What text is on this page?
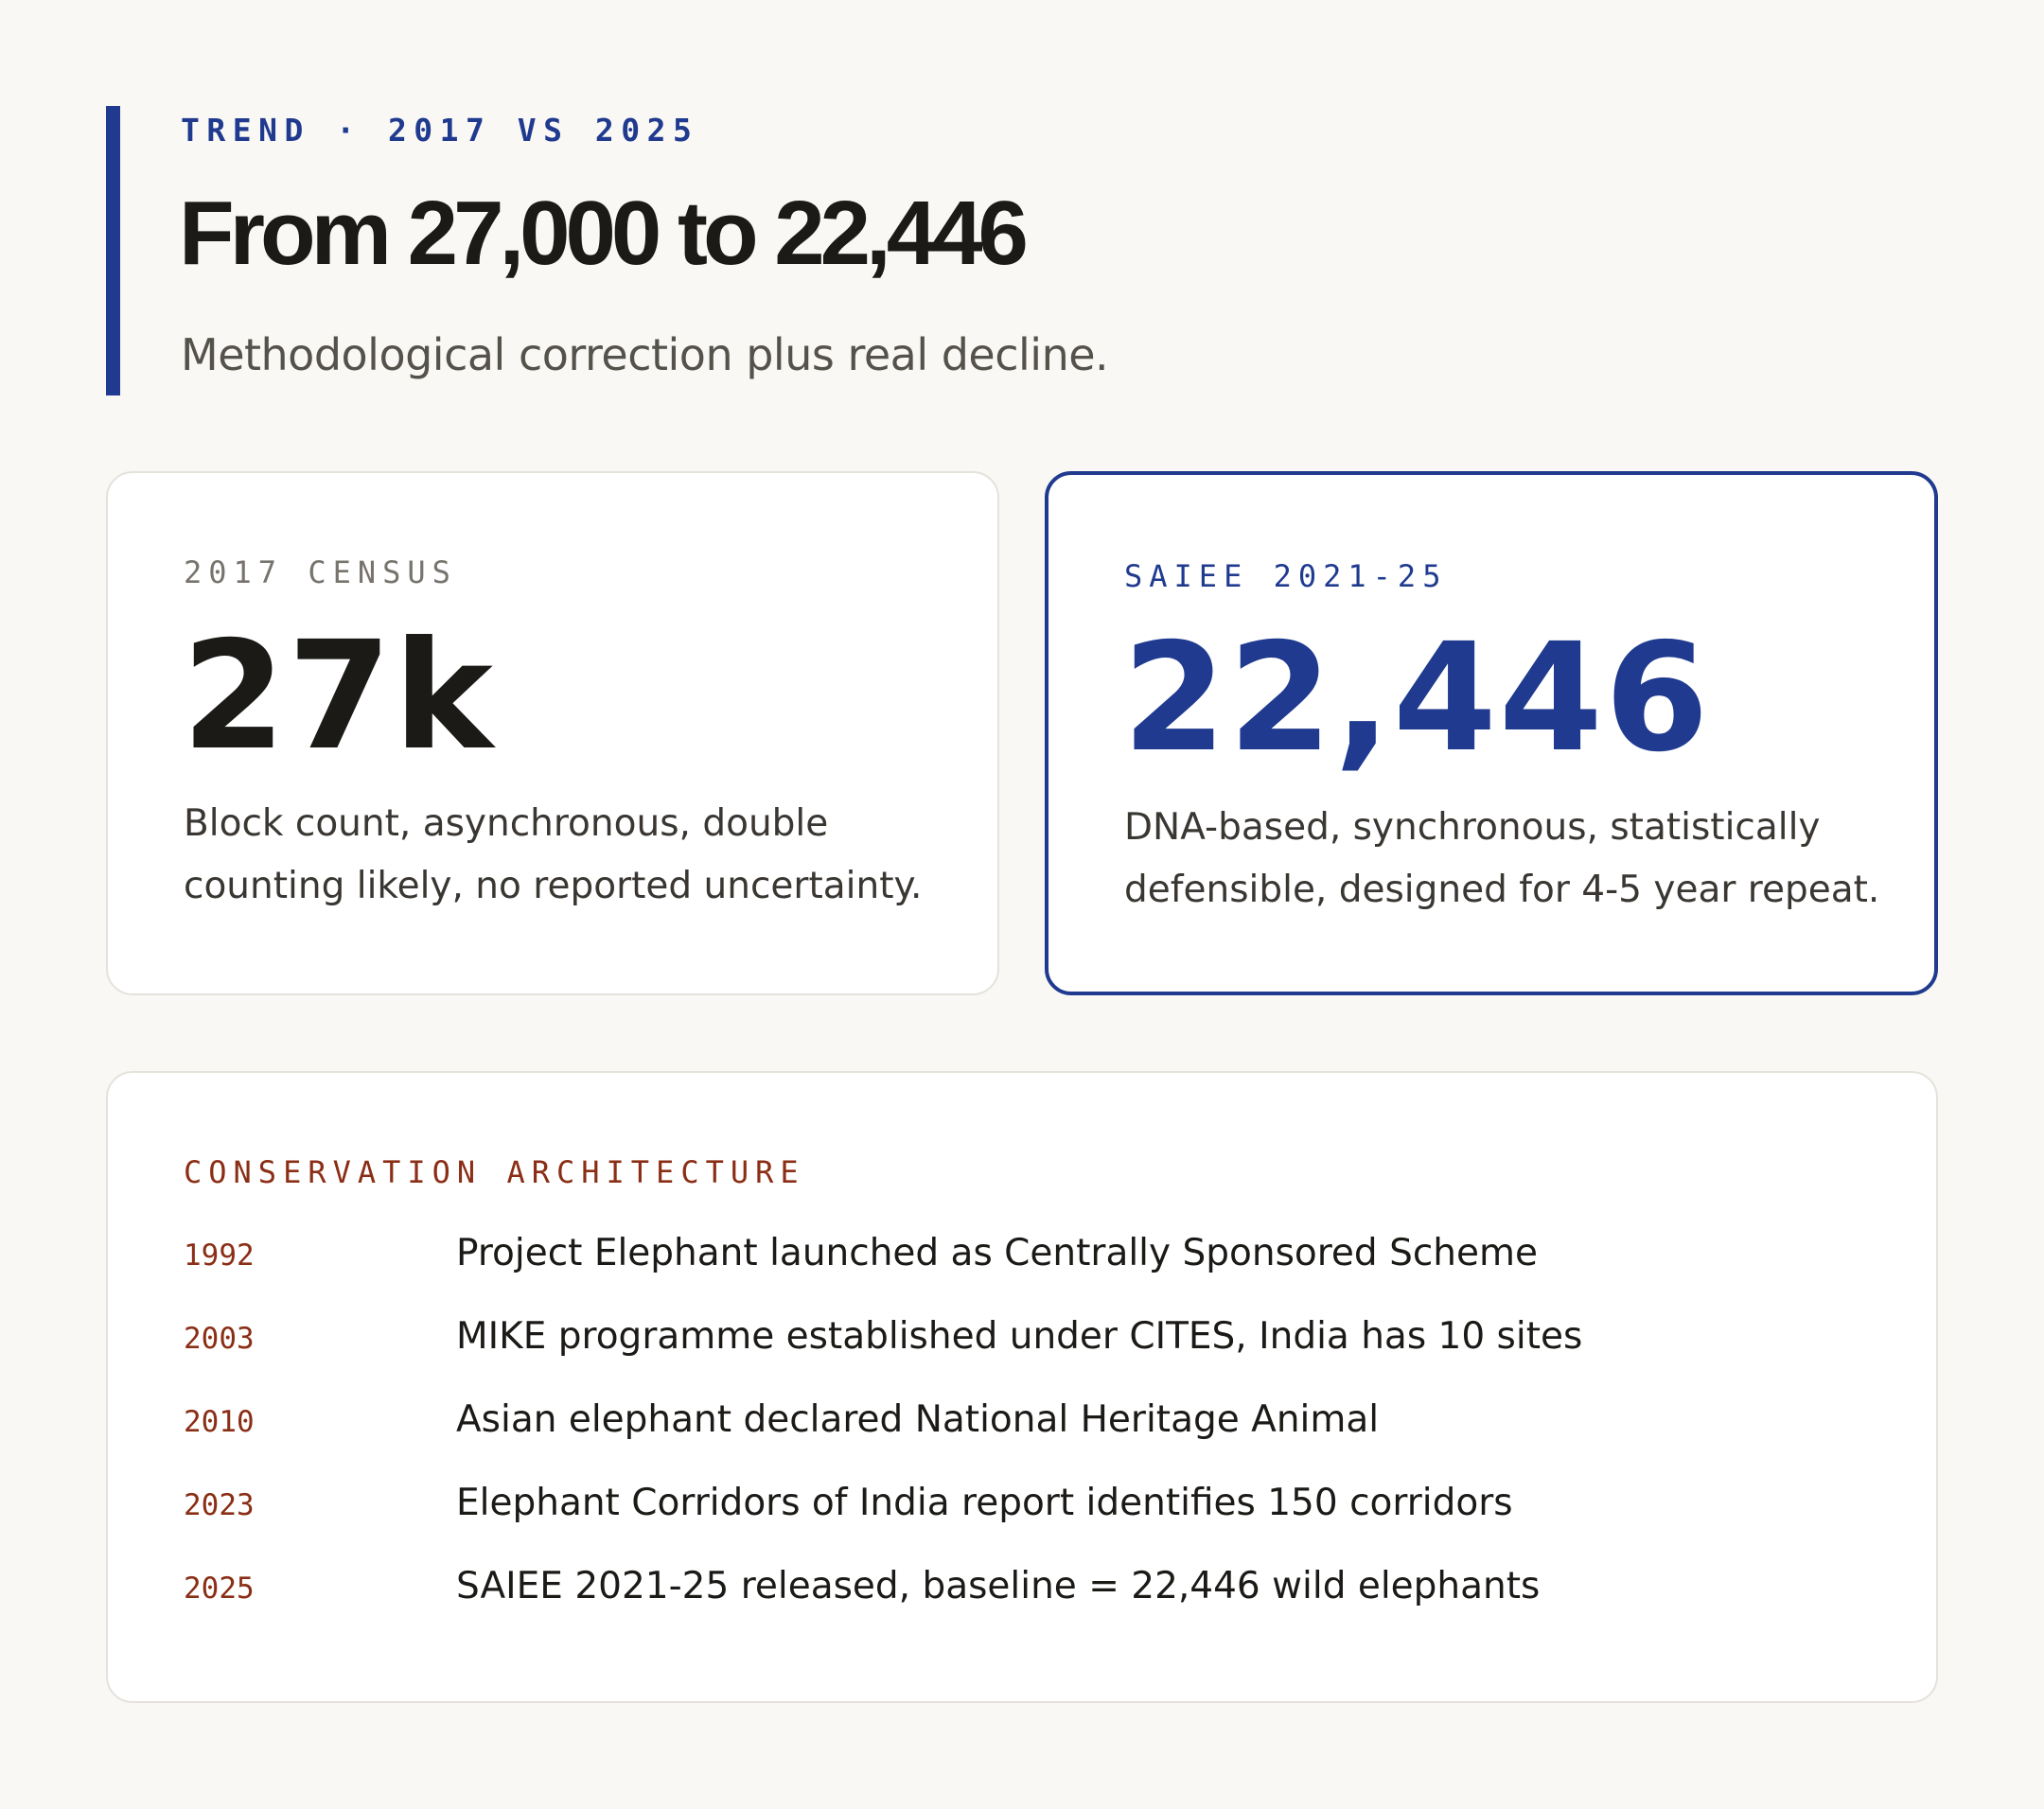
TREND · 2017 VS 2025
From 27,000 to 22,446

Methodological correction plus real decline.

2017 CENSUS
27k

Block count, asynchronous, double counting likely, no reported uncertainty.

SAIEE 2021-25
22,446

DNA-based, synchronous, statistically defensible, designed for 4-5 year repeat.

CONSERVATION ARCHITECTURE
1992	Project Elephant launched as Centrally Sponsored Scheme
2003	MIKE programme established under CITES, India has 10 sites
2010	Asian elephant declared National Heritage Animal
2023	Elephant Corridors of India report identifies 150 corridors
2025	SAIEE 2021-25 released, baseline = 22,446 wild elephants
